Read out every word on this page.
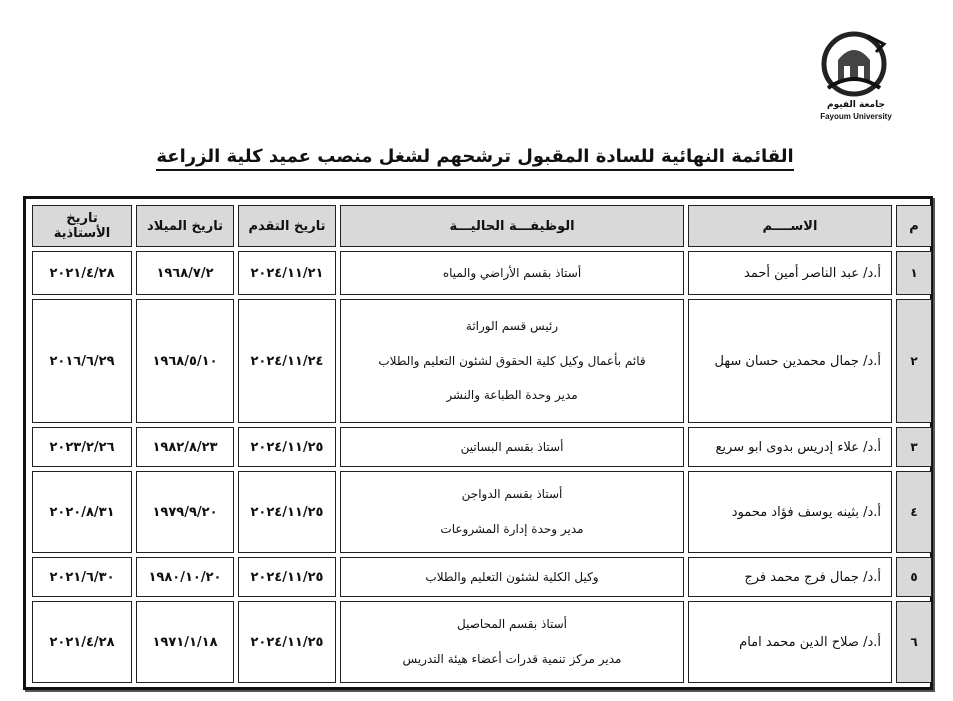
جامعة الفيوم
Fayoum University
القائمة النهائية للسادة المقبول ترشحهم لشغل منصب عميد كلية الزراعة
م	الاســــم	الوظيفـــة الحاليـــة	تاريخ التقدم	تاريخ الميلاد	تاريخ الأستاذية
١	أ.د/ عبد الناصر أمين أحمد	أستاذ بقسم الأراضي والمياه	٢٠٢٤/١١/٢١	١٩٦٨/٧/٢	٢٠٢١/٤/٢٨
٢	أ.د/ جمال محمدين حسان سهل	رئيس قسم الوراثة
قائم بأعمال وكيل كلية الحقوق لشئون التعليم والطلاب
مدير وحدة الطباعة والنشر	٢٠٢٤/١١/٢٤	١٩٦٨/٥/١٠	٢٠١٦/٦/٢٩
٣	أ.د/ علاء إدريس بدوى ابو سريع	أستاذ بقسم البساتين	٢٠٢٤/١١/٢٥	١٩٨٢/٨/٢٣	٢٠٢٣/٢/٢٦
٤	أ.د/ بثينه يوسف فؤاد محمود	أستاذ بقسم الدواجن
مدير وحدة إدارة المشروعات	٢٠٢٤/١١/٢٥	١٩٧٩/٩/٢٠	٢٠٢٠/٨/٣١
٥	أ.د/ جمال فرج محمد فرج	وكيل الكلية لشئون التعليم والطلاب	٢٠٢٤/١١/٢٥	١٩٨٠/١٠/٢٠	٢٠٢١/٦/٣٠
٦	أ.د/ صلاح الدين محمد امام	أستاذ بقسم المحاصيل
مدير مركز تنمية قدرات أعضاء هيئة التدريس	٢٠٢٤/١١/٢٥	١٩٧١/١/١٨	٢٠٢١/٤/٢٨
